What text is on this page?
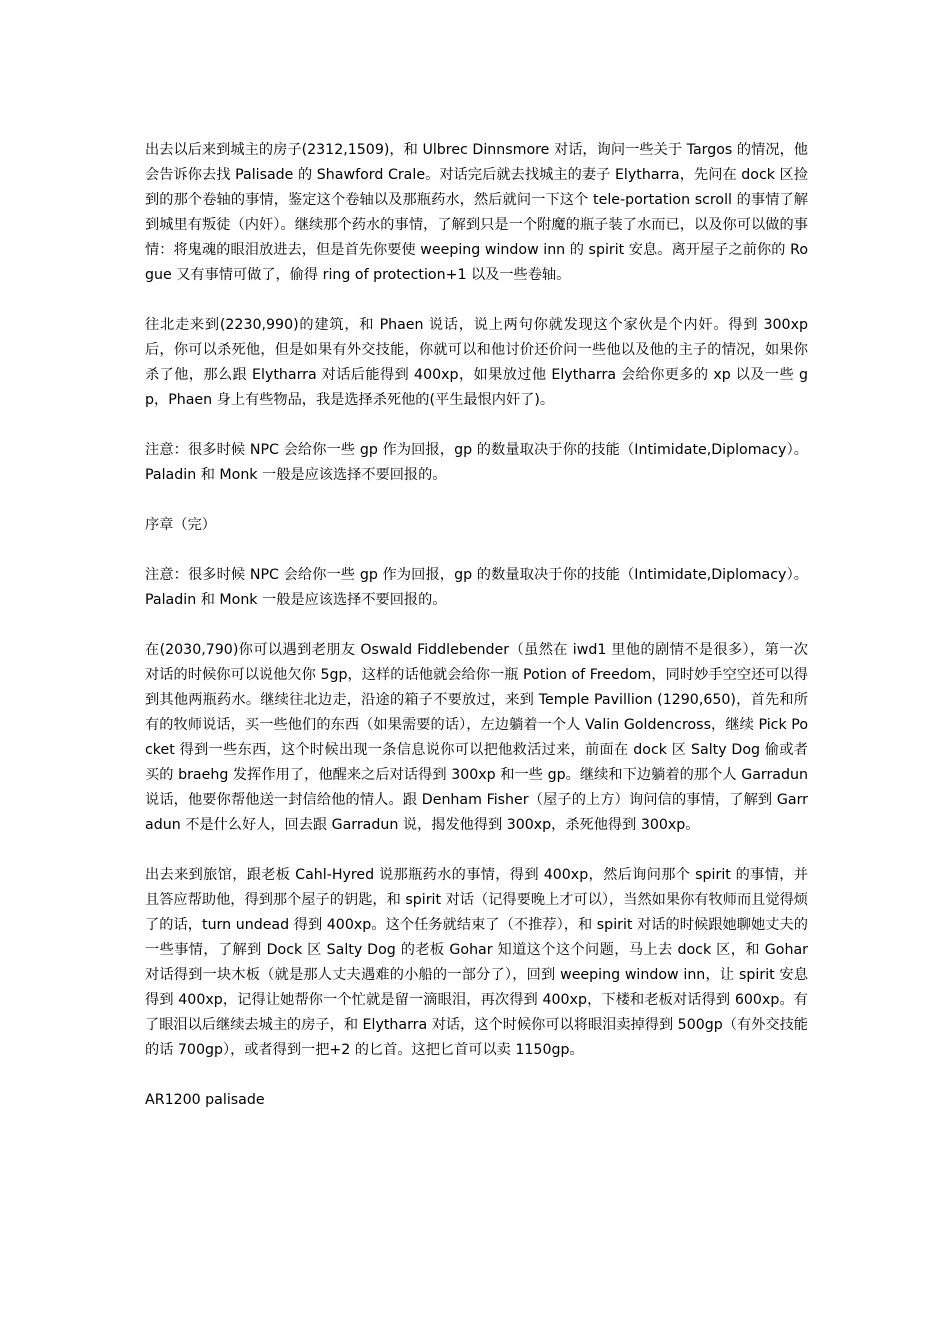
出去以后来到城主的房子(2312,1509)，和 Ulbrec Dinnsmore 对话，询问一些关于 Targos 的情况，他会告诉你去找 Palisade 的 Shawford Crale。对话完后就去找城主的妻子 Elytharra，先问在 dock 区捡到的那个卷轴的事情，鉴定这个卷轴以及那瓶药水，然后就问一下这个 tele-portation scroll 的事情了解到城里有叛徒（内奸）。继续那个药水的事情，了解到只是一个附魔的瓶子装了水而已，以及你可以做的事情：将鬼魂的眼泪放进去，但是首先你要使 weeping window inn 的 spirit 安息。离开屋子之前你的 Rogue 又有事情可做了，偷得 ring of protection+1 以及一些卷轴。

往北走来到(2230,990)的建筑，和 Phaen 说话，说上两句你就发现这个家伙是个内奸。得到 300xp 后，你可以杀死他，但是如果有外交技能，你就可以和他讨价还价问一些他以及他的主子的情况，如果你杀了他，那么跟 Elytharra 对话后能得到 400xp，如果放过他 Elytharra 会给你更多的 xp 以及一些 gp，Phaen 身上有些物品，我是选择杀死他的(平生最恨内奸了)。

注意：很多时候 NPC 会给你一些 gp 作为回报，gp 的数量取决于你的技能（Intimidate,Diplomacy）。Paladin 和 Monk 一般是应该选择不要回报的。

序章（完）

注意：很多时候 NPC 会给你一些 gp 作为回报，gp 的数量取决于你的技能（Intimidate,Diplomacy）。Paladin 和 Monk 一般是应该选择不要回报的。

在(2030,790)你可以遇到老朋友 Oswald Fiddlebender（虽然在 iwd1 里他的剧情不是很多），第一次对话的时候你可以说他欠你 5gp，这样的话他就会给你一瓶 Potion of Freedom，同时妙手空空还可以得到其他两瓶药水。继续往北边走，沿途的箱子不要放过，来到 Temple Pavillion (1290,650)，首先和所有的牧师说话，买一些他们的东西（如果需要的话），左边躺着一个人 Valin Goldencross，继续 Pick Pocket 得到一些东西，这个时候出现一条信息说你可以把他救活过来，前面在 dock 区 Salty Dog 偷或者买的 braehg 发挥作用了，他醒来之后对话得到 300xp 和一些 gp。继续和下边躺着的那个人 Garradun 说话，他要你帮他送一封信给他的情人。跟 Denham Fisher（屋子的上方）询问信的事情，了解到 Garradun 不是什么好人，回去跟 Garradun 说，揭发他得到 300xp，杀死他得到 300xp。

出去来到旅馆，跟老板 Cahl-Hyred 说那瓶药水的事情，得到 400xp，然后询问那个 spirit 的事情，并且答应帮助他，得到那个屋子的钥匙，和 spirit 对话（记得要晚上才可以），当然如果你有牧师而且觉得烦了的话，turn undead 得到 400xp。这个任务就结束了（不推荐），和 spirit 对话的时候跟她聊她丈夫的一些事情，了解到 Dock 区 Salty Dog 的老板 Gohar 知道这个这个问题，马上去 dock 区，和 Gohar 对话得到一块木板（就是那人丈夫遇难的小船的一部分了），回到 weeping window inn，让 spirit 安息得到 400xp，记得让她帮你一个忙就是留一滴眼泪，再次得到 400xp，下楼和老板对话得到 600xp。有了眼泪以后继续去城主的房子，和 Elytharra 对话，这个时候你可以将眼泪卖掉得到 500gp（有外交技能的话 700gp），或者得到一把+2 的匕首。这把匕首可以卖 1150gp。

AR1200 palisade
